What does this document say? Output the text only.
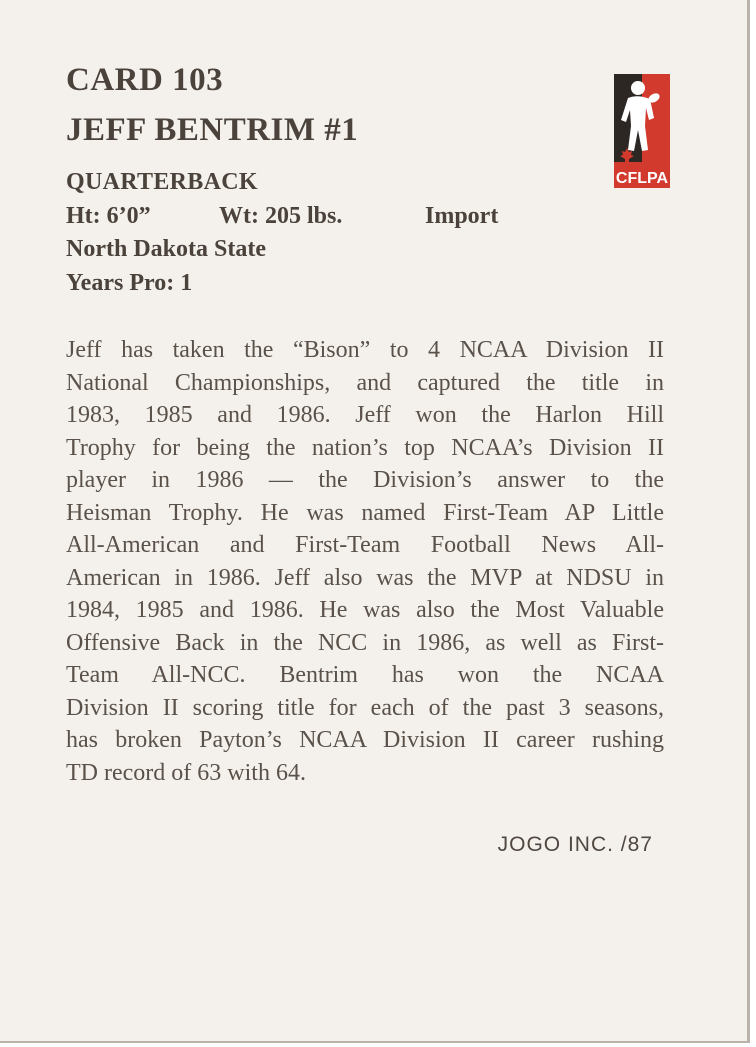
CARD 103
JEFF BENTRIM #1
QUARTERBACK
Ht: 6’0”	Wt: 205 lbs.	Import
North Dakota State
Years Pro: 1
CFLPA
Jeff has taken the “Bison” to 4 NCAA Division II
National Championships, and captured the title in
1983, 1985 and 1986. Jeff won the Harlon Hill
Trophy for being the nation’s top NCAA’s Division II
player in 1986 — the Division’s answer to the
Heisman Trophy. He was named First-Team AP Little
All-American and First-Team Football News All-
American in 1986. Jeff also was the MVP at NDSU in
1984, 1985 and 1986. He was also the Most Valuable
Offensive Back in the NCC in 1986, as well as First-
Team All-NCC. Bentrim has won the NCAA
Division II scoring title for each of the past 3 seasons,
has broken Payton’s NCAA Division II career rushing
TD record of 63 with 64.
JOGO INC. /87
